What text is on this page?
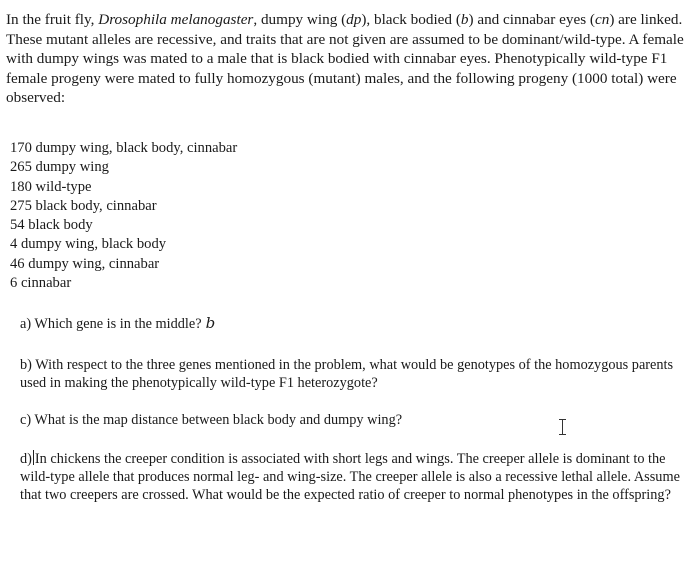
In the fruit fly, Drosophila melanogaster, dumpy wing (dp), black bodied (b) and cinnabar eyes (cn) are linked. These mutant alleles are recessive, and traits that are not given are assumed to be dominant/wild-type. A female with dumpy wings was mated to a male that is black bodied with cinnabar eyes. Phenotypically wild-type F1 female progeny were mated to fully homozygous (mutant) males, and the following progeny (1000 total) were observed:

170 dumpy wing, black body, cinnabar
265 dumpy wing
180 wild-type
275 black body, cinnabar
54 black body
4 dumpy wing, black body
46 dumpy wing, cinnabar
6 cinnabar

a) Which gene is in the middle? b

b) With respect to the three genes mentioned in the problem, what would be genotypes of the homozygous parents used in making the phenotypically wild-type F1 heterozygote?

c) What is the map distance between black body and dumpy wing?

d) In chickens the creeper condition is associated with short legs and wings. The creeper allele is dominant to the wild-type allele that produces normal leg- and wing-size. The creeper allele is also a recessive lethal allele. Assume that two creepers are crossed. What would be the expected ratio of creeper to normal phenotypes in the offspring?
